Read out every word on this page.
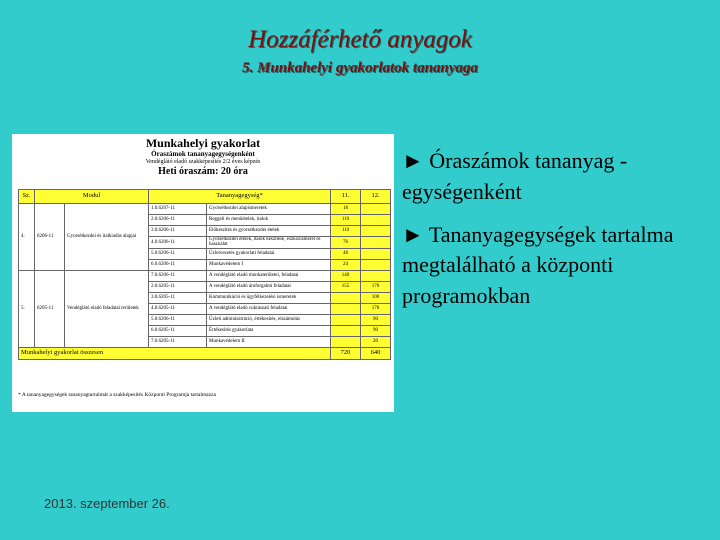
Hozzáférhető anyagok
5. Munkahelyi gyakorlatok tananyaga
Munkahelyi gyakorlat
Óraszámok tananyagegységenként
Vendéglátó eladó szakképesítés 2/2 éves képzés
Heti óraszám: 20 óra
Sz.	Modul		Tananyagegység*		11.	12.
4.	6206-11	Gyorsétkezdei és italkiadás alapjai	1.0.6207-11	Gyorsétkezdei alapismeretek	18	
			2.0.6206-11	Reggeli és menüételek, italok	110	
			3.0.6206-11	Előkészítés és gyorsétkezdei ételek	110	
			4.0.6206-11	Gyorsétkezdei ételek, italok készítése, eszközismeret és használat	76	
			5.0.6206-11	Üzletvezetés gyakorlati feladatai	48	
			6.0.6206-11	Munkavédelem I	24	
5.	6205-11	Vendéglátó eladó feladatai területek	7.0.6206-11	A vendéglátó eladó munkaterületei, feladatai	140	
			2.0.6205-11	A vendéglátó eladó áruforgalmi feladatai	155	170
			3.0.6205-11	Kommunikáció és ügyfélkezelési ismeretek		100
			4.0.6205-11	A vendéglátó eladó cukrászati feladatai		170
			5.0.6206-11	Üzleti adminisztráció, értékesítés, elszámolás		90
			6.0.6205-11	Értékesítés gyakorlata		90
			7.0.6205-11	Munkavédelem II		20
Munkahelyi gyakorlat összesen					720	640
* A tananyagegységek tananyagtartalmát a szakképesítés Központi Programja tartalmazza
► Óraszámok tananyag -egységenként
► Tananyagegységek tartalma megtalálható a központi programokban
2013. szeptember 26.
